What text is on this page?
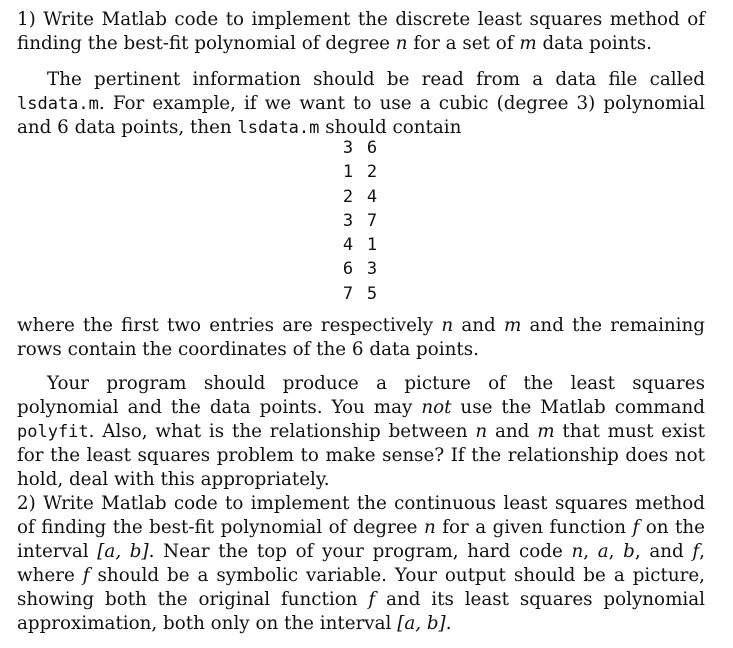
1) Write Matlab code to implement the discrete least squares method of finding the best-fit polynomial of degree n for a set of m data points.

The pertinent information should be read from a data file called lsdata.m. For example, if we want to use a cubic (degree 3) polynomial and 6 data points, then lsdata.m should contain

3 6
1 2
2 4
3 7
4 1
6 3
7 5

where the first two entries are respectively n and m and the remaining rows contain the coordinates of the 6 data points.

Your program should produce a picture of the least squares polynomial and the data points. You may not use the Matlab command polyfit. Also, what is the relationship between n and m that must exist for the least squares problem to make sense? If the relationship does not hold, deal with this appropriately.

2) Write Matlab code to implement the continuous least squares method of finding the best-fit polynomial of degree n for a given function f on the interval [a, b]. Near the top of your program, hard code n, a, b, and f, where f should be a symbolic variable. Your output should be a picture, showing both the original function f and its least squares polynomial approximation, both only on the interval [a, b].
